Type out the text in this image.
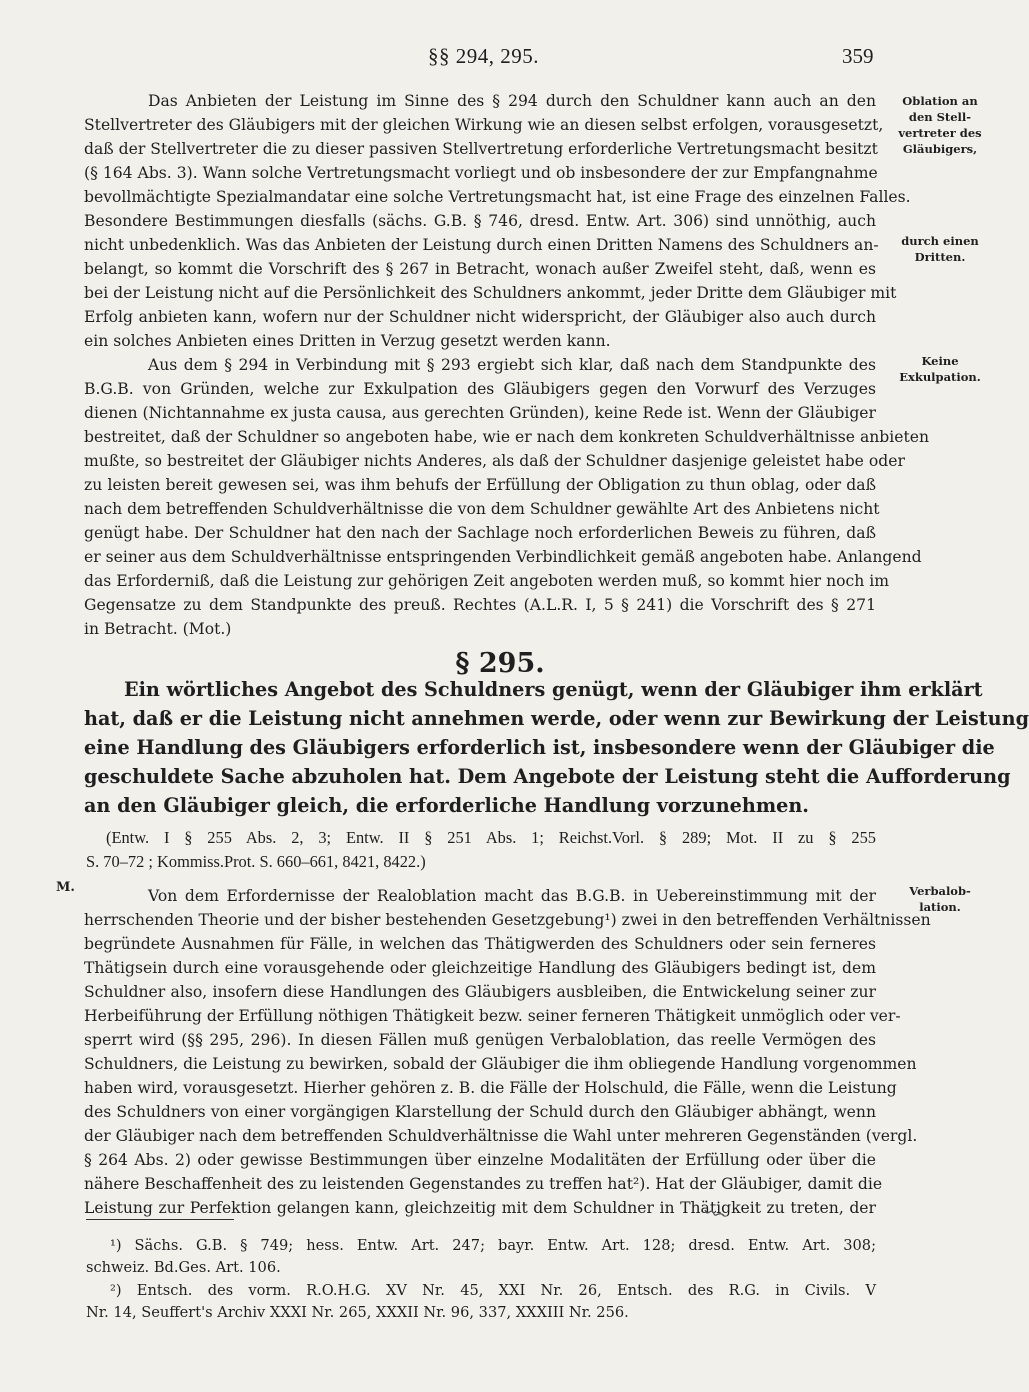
§§ 294, 295.	359
Das Anbieten der Leistung im Sinne des § 294 durch den Schuldner kann auch an den
Stellvertreter des Gläubigers mit der gleichen Wirkung wie an diesen selbst erfolgen, vorausgesetzt,
daß der Stellvertreter die zu dieser passiven Stellvertretung erforderliche Vertretungsmacht besitzt
(§ 164 Abs. 3). Wann solche Vertretungsmacht vorliegt und ob insbesondere der zur Empfangnahme
bevollmächtigte Spezialmandatar eine solche Vertretungsmacht hat, ist eine Frage des einzelnen Falles.
Besondere Bestimmungen diesfalls (sächs. G.B. § 746, dresd. Entw. Art. 306) sind unnöthig, auch
nicht unbedenklich. Was das Anbieten der Leistung durch einen Dritten Namens des Schuldners an-
belangt, so kommt die Vorschrift des § 267 in Betracht, wonach außer Zweifel steht, daß, wenn es
bei der Leistung nicht auf die Persönlichkeit des Schuldners ankommt, jeder Dritte dem Gläubiger mit
Erfolg anbieten kann, wofern nur der Schuldner nicht widerspricht, der Gläubiger also auch durch
ein solches Anbieten eines Dritten in Verzug gesetzt werden kann.
Aus dem § 294 in Verbindung mit § 293 ergiebt sich klar, daß nach dem Standpunkte des
B.G.B. von Gründen, welche zur Exkulpation des Gläubigers gegen den Vorwurf des Verzuges
dienen (Nichtannahme ex justa causa, aus gerechten Gründen), keine Rede ist. Wenn der Gläubiger
bestreitet, daß der Schuldner so angeboten habe, wie er nach dem konkreten Schuldverhältnisse anbieten
mußte, so bestreitet der Gläubiger nichts Anderes, als daß der Schuldner dasjenige geleistet habe oder
zu leisten bereit gewesen sei, was ihm behufs der Erfüllung der Obligation zu thun oblag, oder daß
nach dem betreffenden Schuldverhältnisse die von dem Schuldner gewählte Art des Anbietens nicht
genügt habe. Der Schuldner hat den nach der Sachlage noch erforderlichen Beweis zu führen, daß
er seiner aus dem Schuldverhältnisse entspringenden Verbindlichkeit gemäß angeboten habe. Anlangend
das Erforderniß, daß die Leistung zur gehörigen Zeit angeboten werden muß, so kommt hier noch im
Gegensatze zu dem Standpunkte des preuß. Rechtes (A.L.R. I, 5 § 241) die Vorschrift des § 271
in Betracht. (Mot.)
§ 295.
Ein wörtliches Angebot des Schuldners genügt, wenn der Gläubiger ihm erklärt
hat, daß er die Leistung nicht annehmen werde, oder wenn zur Bewirkung der Leistung
eine Handlung des Gläubigers erforderlich ist, insbesondere wenn der Gläubiger die
geschuldete Sache abzuholen hat. Dem Angebote der Leistung steht die Aufforderung
an den Gläubiger gleich, die erforderliche Handlung vorzunehmen.
(Entw. I § 255 Abs. 2, 3; Entw. II § 251 Abs. 1; Reichst.Vorl. § 289; Mot. II zu § 255
S. 70–72 ; Kommiss.Prot. S. 660–661, 8421, 8422.)
M.	Von dem Erfordernisse der Realoblation macht das B.G.B. in Uebereinstimmung mit der
herrschenden Theorie und der bisher bestehenden Gesetzgebung¹) zwei in den betreffenden Verhältnissen
begründete Ausnahmen für Fälle, in welchen das Thätigwerden des Schuldners oder sein ferneres
Thätigsein durch eine vorausgehende oder gleichzeitige Handlung des Gläubigers bedingt ist, dem
Schuldner also, insofern diese Handlungen des Gläubigers ausbleiben, die Entwickelung seiner zur
Herbeiführung der Erfüllung nöthigen Thätigkeit bezw. seiner ferneren Thätigkeit unmöglich oder ver-
sperrt wird (§§ 295, 296). In diesen Fällen muß genügen Verbaloblation, das reelle Vermögen des
Schuldners, die Leistung zu bewirken, sobald der Gläubiger die ihm obliegende Handlung vorgenommen
haben wird, vorausgesetzt. Hierher gehören z. B. die Fälle der Holschuld, die Fälle, wenn die Leistung
des Schuldners von einer vorgängigen Klarstellung der Schuld durch den Gläubiger abhängt, wenn
der Gläubiger nach dem betreffenden Schuldverhältnisse die Wahl unter mehreren Gegenständen (vergl.
§ 264 Abs. 2) oder gewisse Bestimmungen über einzelne Modalitäten der Erfüllung oder über die
nähere Beschaffenheit des zu leistenden Gegenstandes zu treffen hat²). Hat der Gläubiger, damit die
Leistung zur Perfektion gelangen kann, gleichzeitig mit dem Schuldner in Thätigkeit zu treten, der
¹) Sächs. G.B. § 749; hess. Entw. Art. 247; bayr. Entw. Art. 128; dresd. Entw. Art. 308;
schweiz. Bd.Ges. Art. 106.
²) Entsch. des vorm. R.O.H.G. XV Nr. 45, XXI Nr. 26, Entsch. des R.G. in Civils. V
Nr. 14, Seuffert's Archiv XXXI Nr. 265, XXXII Nr. 96, 337, XXXIII Nr. 256.
Oblation an
den Stell-
vertreter des
Gläubigers,
durch einen
Dritten.
Keine
Exkulpation.
Verbalob-
lation.
